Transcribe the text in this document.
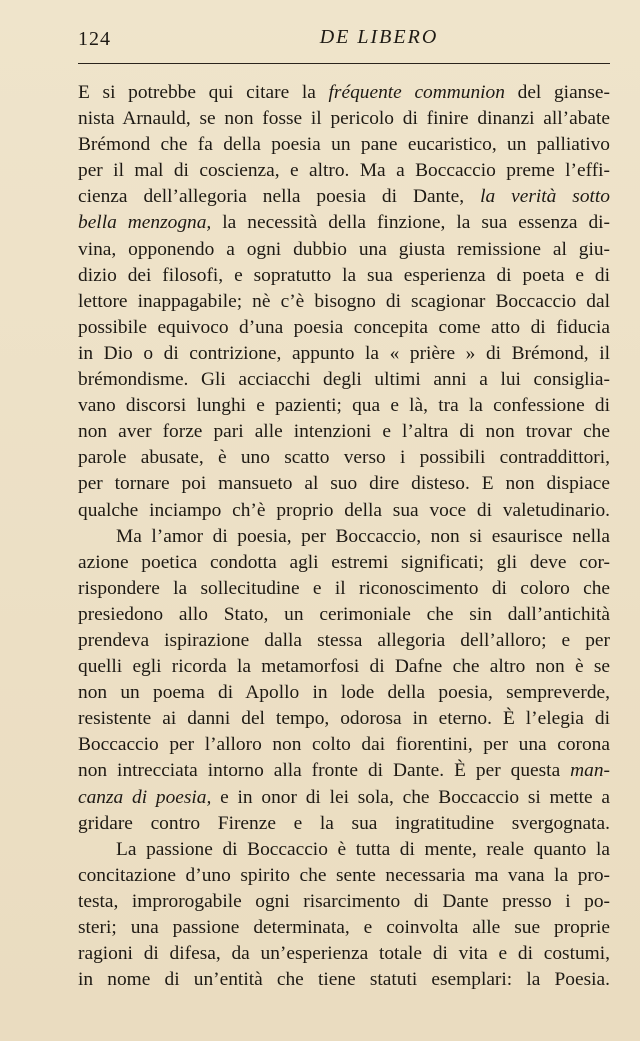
124	DE LIBERO
E si potrebbe qui citare la fréquente communion del gianse-
nista Arnauld, se non fosse il pericolo di finire dinanzi all’abate
Brémond che fa della poesia un pane eucaristico, un palliativo
per il mal di coscienza, e altro. Ma a Boccaccio preme l’effi-
cienza dell’allegoria nella poesia di Dante, la verità sotto
bella menzogna, la necessità della finzione, la sua essenza di-
vina, opponendo a ogni dubbio una giusta remissione al giu-
dizio dei filosofi, e sopratutto la sua esperienza di poeta e di
lettore inappagabile; nè c’è bisogno di scagionar Boccaccio dal
possibile equivoco d’una poesia concepita come atto di fiducia
in Dio o di contrizione, appunto la « prière » di Brémond, il
brémondisme. Gli acciacchi degli ultimi anni a lui consiglia-
vano discorsi lunghi e pazienti; qua e là, tra la confessione di
non aver forze pari alle intenzioni e l’altra di non trovar che
parole abusate, è uno scatto verso i possibili contraddittori,
per tornare poi mansueto al suo dire disteso. E non dispiace
qualche inciampo ch’è proprio della sua voce di valetudinario.
Ma l’amor di poesia, per Boccaccio, non si esaurisce nella
azione poetica condotta agli estremi significati; gli deve cor-
rispondere la sollecitudine e il riconoscimento di coloro che
presiedono allo Stato, un cerimoniale che sin dall’antichità
prendeva ispirazione dalla stessa allegoria dell’alloro; e per
quelli egli ricorda la metamorfosi di Dafne che altro non è se
non un poema di Apollo in lode della poesia, sempreverde,
resistente ai danni del tempo, odorosa in eterno. È l’elegia di
Boccaccio per l’alloro non colto dai fiorentini, per una corona
non intrecciata intorno alla fronte di Dante. È per questa man-
canza di poesia, e in onor di lei sola, che Boccaccio si mette a
gridare contro Firenze e la sua ingratitudine svergognata.
La passione di Boccaccio è tutta di mente, reale quanto la
concitazione d’uno spirito che sente necessaria ma vana la pro-
testa, improrogabile ogni risarcimento di Dante presso i po-
steri; una passione determinata, e coinvolta alle sue proprie
ragioni di difesa, da un’esperienza totale di vita e di costumi,
in nome di un’entità che tiene statuti esemplari: la Poesia.
